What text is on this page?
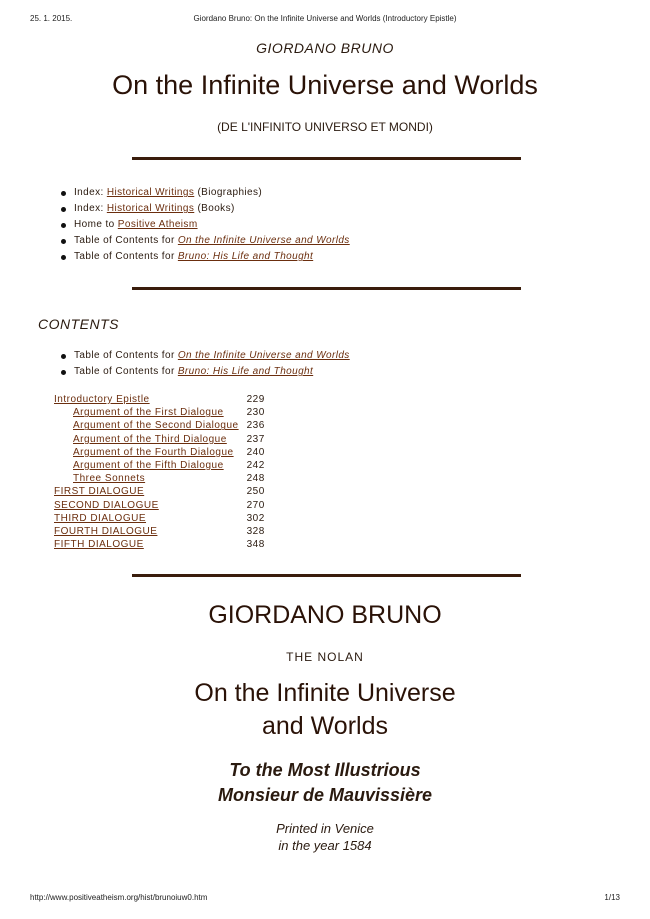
25. 1. 2015.	Giordano Bruno: On the Infinite Universe and Worlds (Introductory Epistle)
GIORDANO BRUNO
On the Infinite Universe and Worlds
(DE L'INFINITO UNIVERSO ET MONDI)
Index: Historical Writings (Biographies)
Index: Historical Writings (Books)
Home to Positive Atheism
Table of Contents for On the Infinite Universe and Worlds
Table of Contents for Bruno: His Life and Thought
CONTENTS
Table of Contents for On the Infinite Universe and Worlds
Table of Contents for Bruno: His Life and Thought
Introductory Epistle	229
Argument of the First Dialogue	230
Argument of the Second Dialogue	236
Argument of the Third Dialogue	237
Argument of the Fourth Dialogue	240
Argument of the Fifth Dialogue	242
Three Sonnets	248
FIRST DIALOGUE	250
SECOND DIALOGUE	270
THIRD DIALOGUE	302
FOURTH DIALOGUE	328
FIFTH DIALOGUE	348
GIORDANO BRUNO
THE NOLAN
On the Infinite Universe
and Worlds
To the Most Illustrious
Monsieur de Mauvissière
Printed in Venice
in the year 1584
http://www.positiveatheism.org/hist/brunoiuw0.htm	1/13
